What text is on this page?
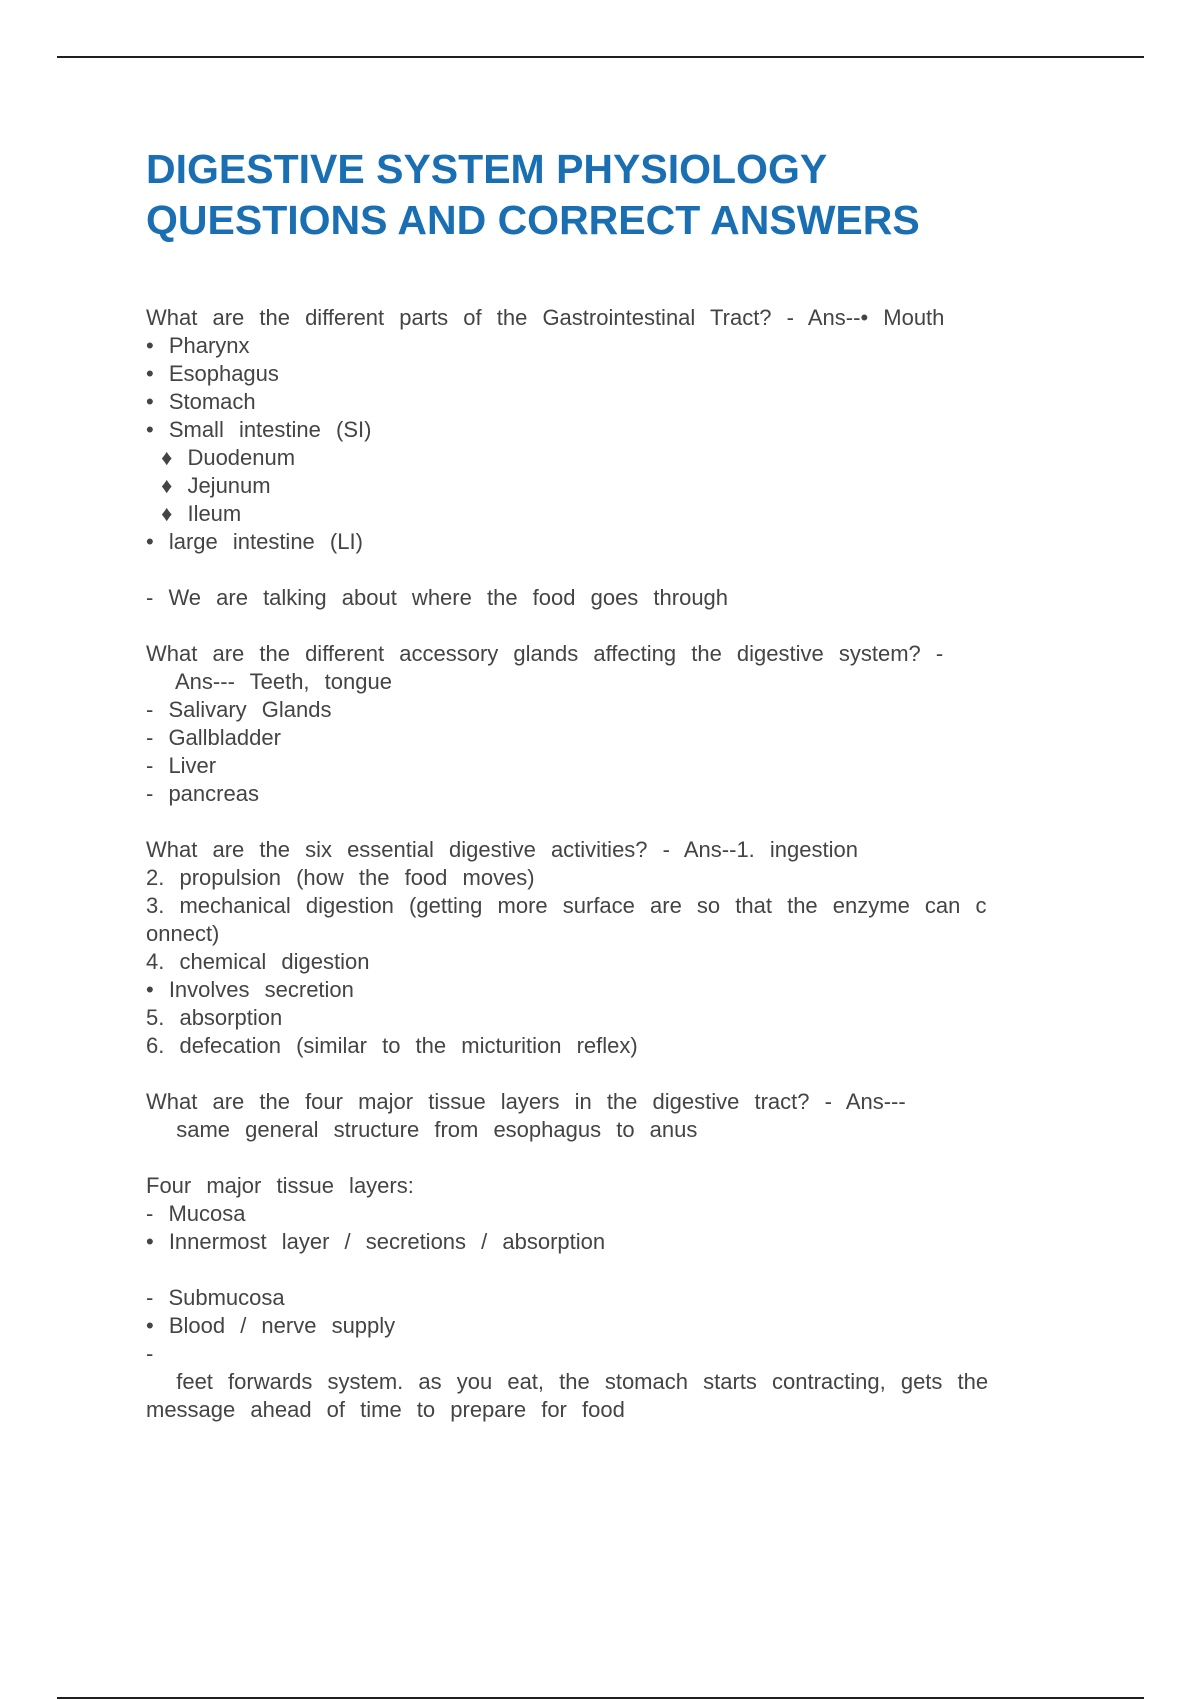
DIGESTIVE SYSTEM PHYSIOLOGY
QUESTIONS AND CORRECT ANSWERS
What are the different parts of the Gastrointestinal Tract? - Ans--• Mouth
• Pharynx
• Esophagus
• Stomach
• Small intestine (SI)
♦ Duodenum
♦ Jejunum
♦ Ileum
• large intestine (LI)
- We are talking about where the food goes through
What are the different accessory glands affecting the digestive system? -
Ans--- Teeth, tongue
- Salivary Glands
- Gallbladder
- Liver
- pancreas
What are the six essential digestive activities? - Ans--1. ingestion
2. propulsion (how the food moves)
3. mechanical digestion (getting more surface are so that the enzyme can c
onnect)
4. chemical digestion
• Involves secretion
5. absorption
6. defecation (similar to the micturition reflex)
What are the four major tissue layers in the digestive tract? - Ans---
same general structure from esophagus to anus
Four major tissue layers:
- Mucosa
• Innermost layer / secretions / absorption
- Submucosa
• Blood / nerve supply
-
feet forwards system. as you eat, the stomach starts contracting, gets the
message ahead of time to prepare for food
